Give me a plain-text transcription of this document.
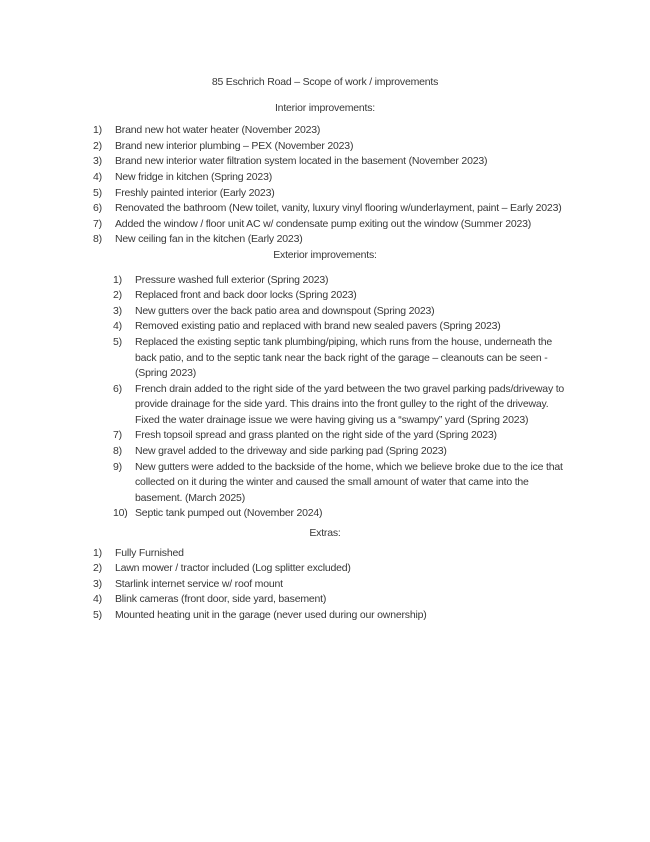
85 Eschrich Road – Scope of work / improvements
Interior improvements:
1)	Brand new hot water heater (November 2023)
2)	Brand new interior plumbing – PEX (November 2023)
3)	Brand new interior water filtration system located in the basement (November 2023)
4)	New fridge in kitchen (Spring 2023)
5)	Freshly painted interior (Early 2023)
6)	Renovated the bathroom (New toilet, vanity, luxury vinyl flooring w/underlayment, paint – Early 2023)
7)	Added the window / floor unit AC w/ condensate pump exiting out the window (Summer 2023)
8)	New ceiling fan in the kitchen (Early 2023)
Exterior improvements:
1)	Pressure washed full exterior (Spring 2023)
2)	Replaced front and back door locks (Spring 2023)
3)	New gutters over the back patio area and downspout (Spring 2023)
4)	Removed existing patio and replaced with brand new sealed pavers (Spring 2023)
5)	Replaced the existing septic tank plumbing/piping, which runs from the house, underneath the
back patio, and to the septic tank near the back right of the garage – cleanouts can be seen -
(Spring 2023)
6)	French drain added to the right side of the yard between the two gravel parking pads/driveway to
provide drainage for the side yard. This drains into the front gulley to the right of the driveway.
Fixed the water drainage issue we were having giving us a “swampy” yard (Spring 2023)
7)	Fresh topsoil spread and grass planted on the right side of the yard (Spring 2023)
8)	New gravel added to the driveway and side parking pad (Spring 2023)
9)	New gutters were added to the backside of the home, which we believe broke due to the ice that
collected on it during the winter and caused the small amount of water that came into the
basement. (March 2025)
10) Septic tank pumped out (November 2024)
Extras:
1)	Fully Furnished
2)	Lawn mower / tractor included (Log splitter excluded)
3)	Starlink internet service w/ roof mount
4)	Blink cameras (front door, side yard, basement)
5)	Mounted heating unit in the garage (never used during our ownership)
